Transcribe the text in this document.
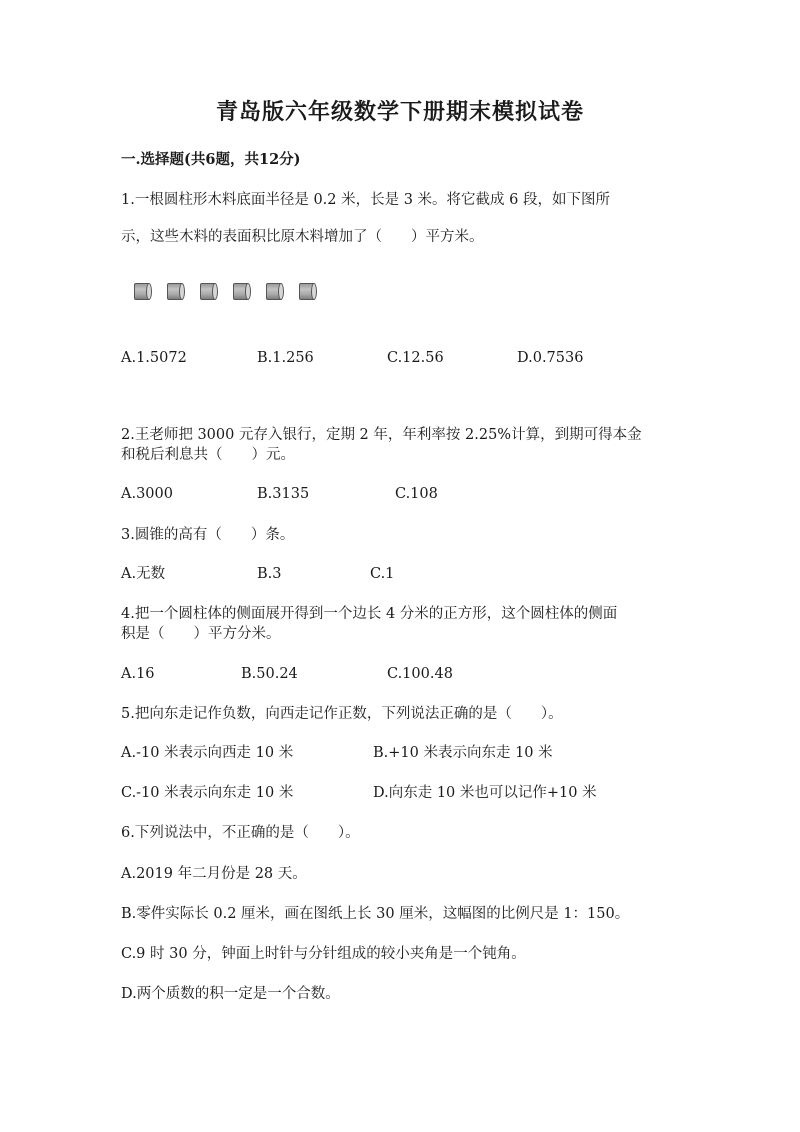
青岛版六年级数学下册期末模拟试卷
一.选择题(共6题，共12分)
1.一根圆柱形木料底面半径是 0.2 米，长是 3 米。将它截成 6 段，如下图所
示，这些木料的表面积比原木料增加了（　　）平方米。
A.1.5072	B.1.256	C.12.56	D.0.7536
2.王老师把 3000 元存入银行，定期 2 年，年利率按 2.25%计算，到期可得本金
和税后利息共（　　）元。
A.3000	B.3135	C.108
3.圆锥的高有（　　）条。
A.无数	B.3	C.1
4.把一个圆柱体的侧面展开得到一个边长 4 分米的正方形，这个圆柱体的侧面
积是（　　）平方分米。
A.16	B.50.24	C.100.48
5.把向东走记作负数，向西走记作正数，下列说法正确的是（　　）。
A.-10 米表示向西走 10 米	B.+10 米表示向东走 10 米
C.-10 米表示向东走 10 米	D.向东走 10 米也可以记作+10 米
6.下列说法中，不正确的是（　　）。
A.2019 年二月份是 28 天。
B.零件实际长 0.2 厘米，画在图纸上长 30 厘米，这幅图的比例尺是 1：150。
C.9 时 30 分，钟面上时针与分针组成的较小夹角是一个钝角。
D.两个质数的积一定是一个合数。
